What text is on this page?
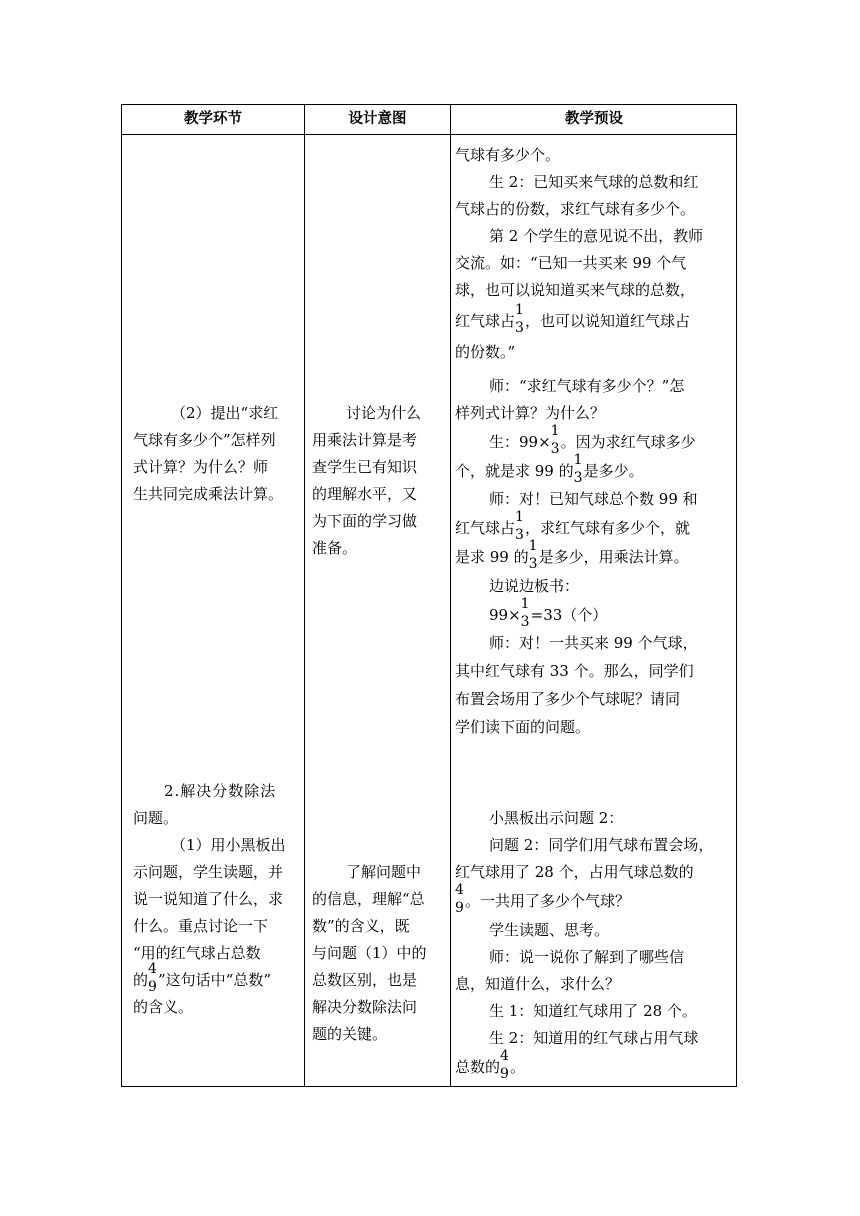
教学环节	设计意图	教学预设
（2）提出“求红
气球有多少个”怎样列
式计算？为什么？师
生共同完成乘法计算。
2.解决分数除法
问题。
（1）用小黑板出
示问题，学生读题，并
说一说知道了什么，求
什么。重点讨论一下
“用的红气球占总数
的
4
9 ”这句话中“总数”
的含义。
讨论为什么
用乘法计算是考
查学生已有知识
的理解水平，又
为下面的学习做
准备。
了解问题中
的信息，理解“总
数”的含义，既
与问题（1）中的
总数区别，也是
解决分数除法问
题的关键。
气球有多少个。
生 2：已知买来气球的总数和红
气球占的份数，求红气球有多少个。
第 2 个学生的意见说不出，教师
交流。如：“已知一共买来 99 个气
球，也可以说知道买来气球的总数，
红气球占
1
3 ，也可以说知道红气球占
的份数。”
师：“求红气球有多少个？”怎
样列式计算？为什么？
生：99×
1
3 。因为求红气球多少
个，就是求 99 的
1
3 是多少。
师：对！已知气球总个数 99 和
红气球占
1
3 ，求红气球有多少个，就
是求 99 的
1
3 是多少，用乘法计算。
边说边板书：
99×
1
3 =33（个）
师：对！一共买来 99 个气球，
其中红气球有 33 个。那么，同学们
布置会场用了多少个气球呢？请同
学们读下面的问题。
小黑板出示问题 2：
问题 2：同学们用气球布置会场，
红气球用了 28 个，占用气球总数的
4
9 。一共用了多少个气球？
学生读题、思考。
师：说一说你了解到了哪些信
息，知道什么，求什么？
生 1：知道红气球用了 28 个。
生 2：知道用的红气球占用气球
总数的
4
9 。
